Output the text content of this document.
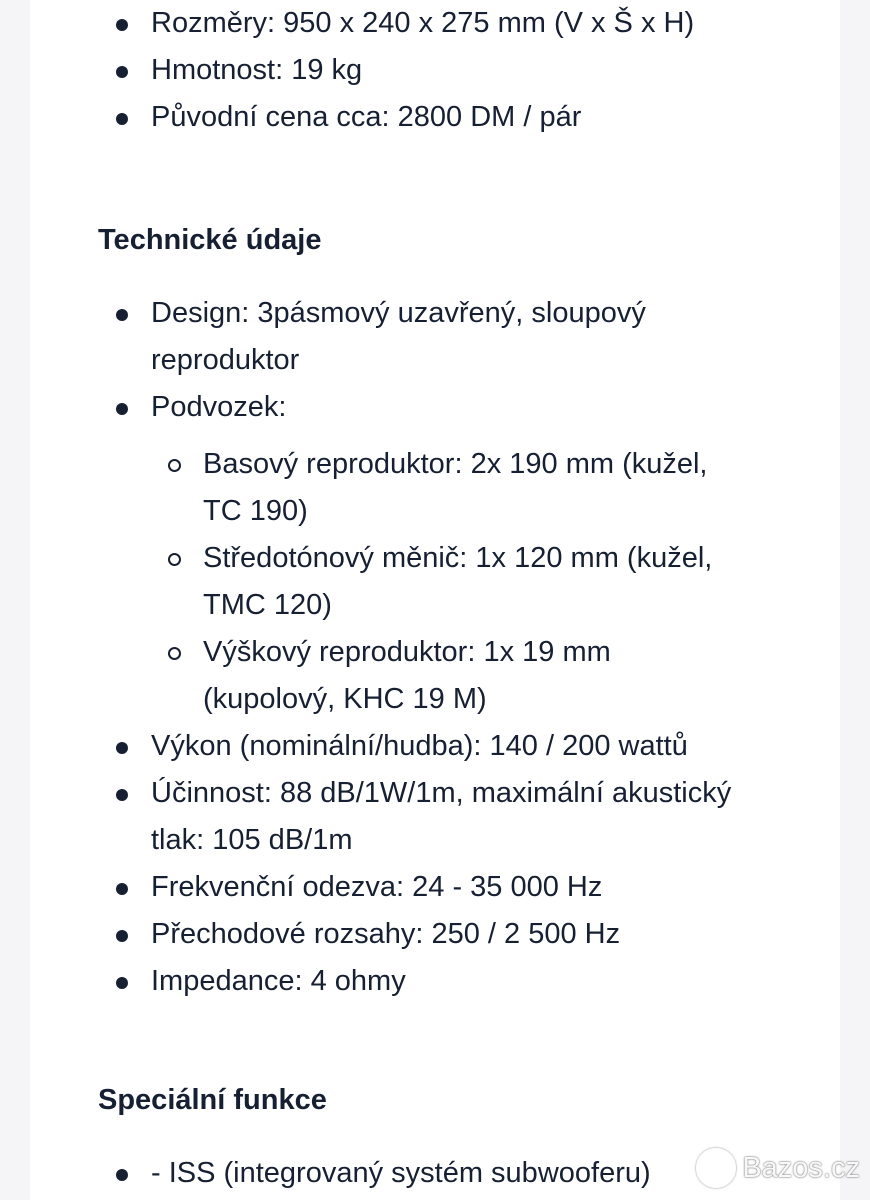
Rozměry: 950 x 240 x 275 mm (V x Š x H)
Hmotnost: 19 kg
Původní cena cca: 2800 DM / pár
Technické údaje
Design: 3pásmový uzavřený, sloupový reproduktor
Podvozek:
Basový reproduktor: 2x 190 mm (kužel, TC 190)
Středotónový měnič: 1x 120 mm (kužel, TMC 120)
Výškový reproduktor: 1x 19 mm (kupolový, KHC 19 M)
Výkon (nominální/hudba): 140 / 200 wattů
Účinnost: 88 dB/1W/1m, maximální akustický tlak: 105 dB/1m
Frekvenční odezva: 24 - 35 000 Hz
Přechodové rozsahy: 250 / 2 500 Hz
Impedance: 4 ohmy
Speciální funkce
- ISS (integrovaný systém subwooferu)	Bazos.cz
